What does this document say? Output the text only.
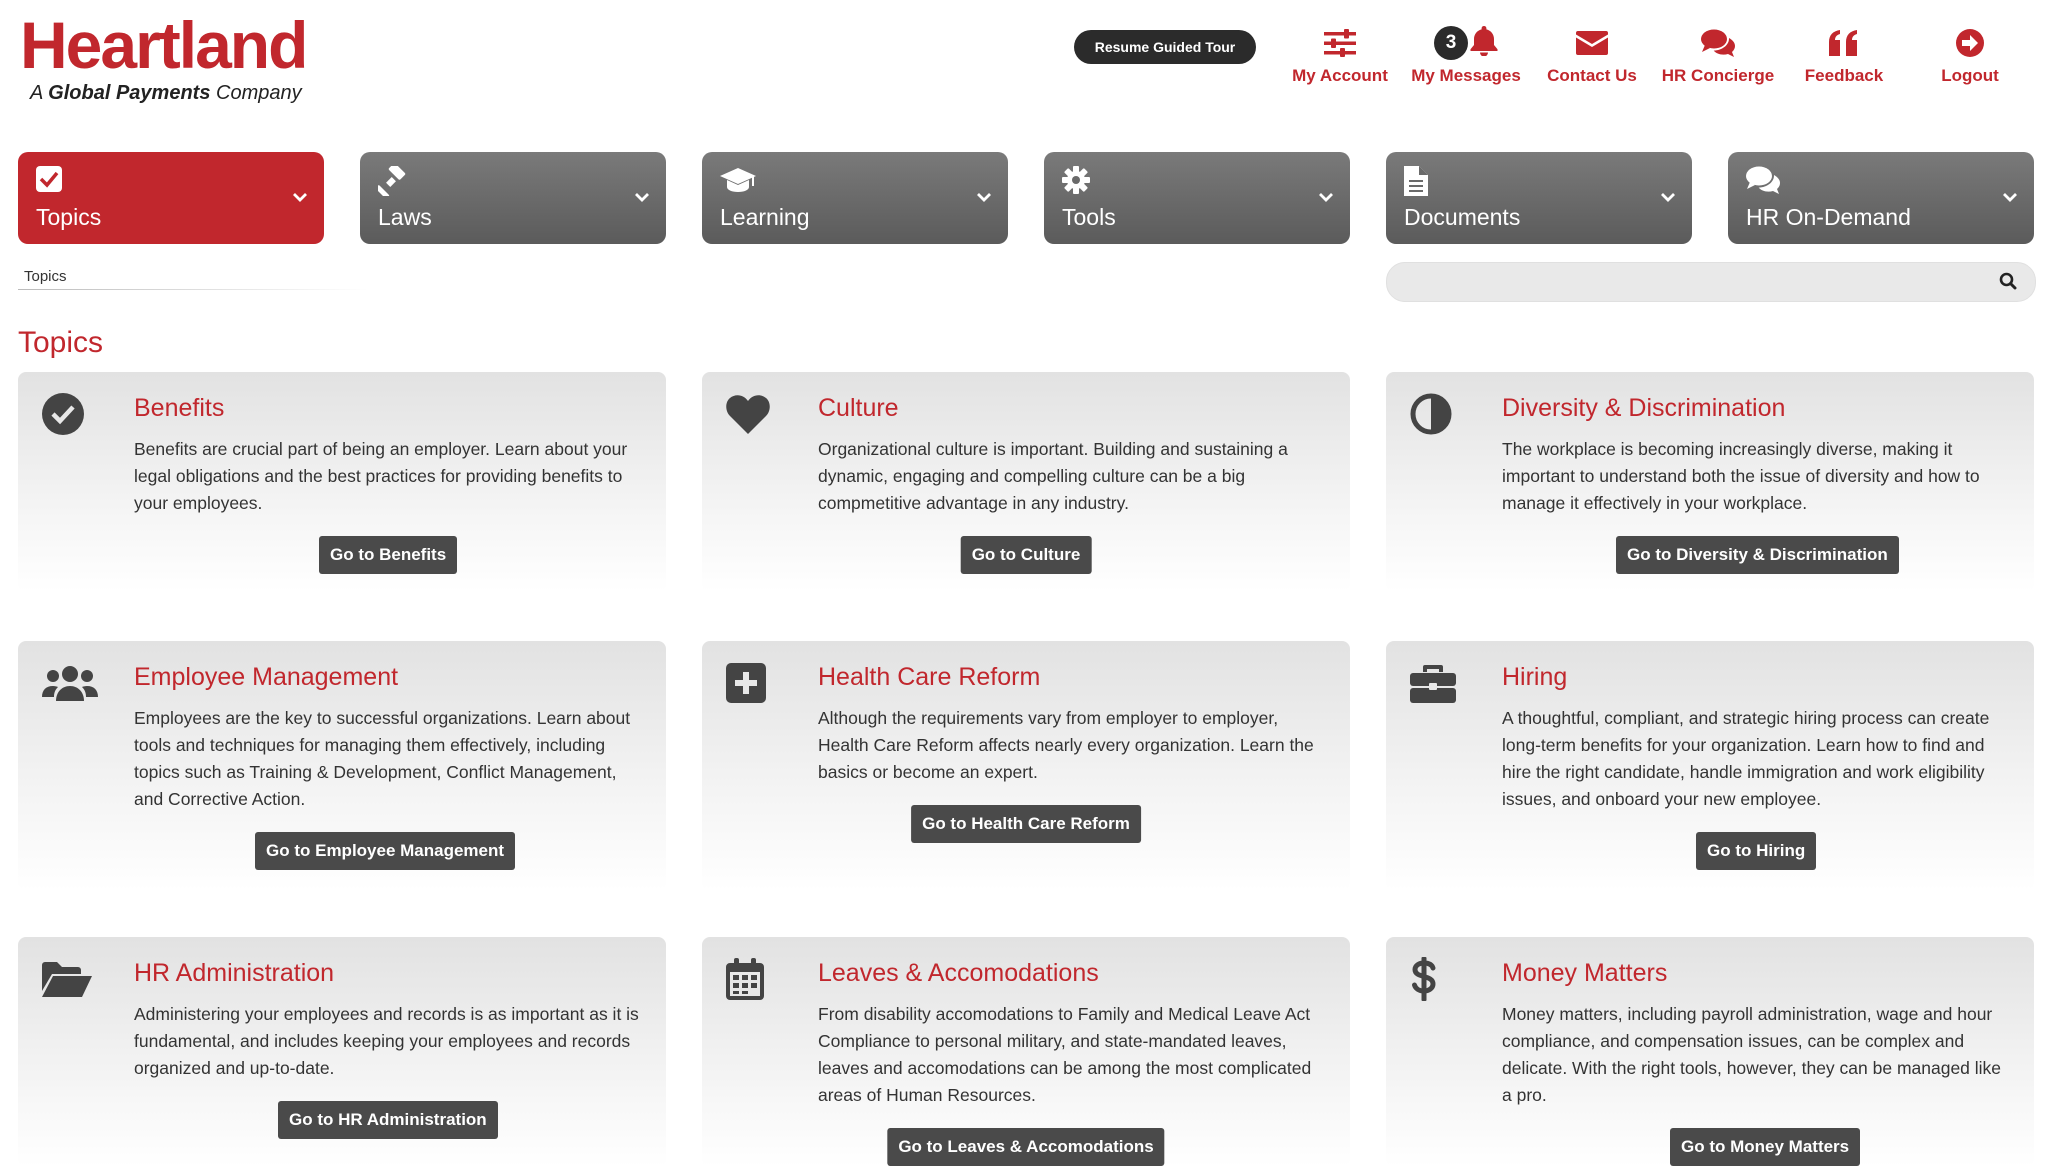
Heartland
A Global Payments Company
Resume Guided Tour
My Account
3
My Messages	Contact Us	HR Concierge	Feedback	Logout
Topics	Laws	Learning	Tools	Documents	HR On-Demand
Topics
Topics
Benefits
Benefits are crucial part of being an employer. Learn about your legal obligations and the best practices for providing benefits to your employees.
Go to Benefits
Culture
Organizational culture is important. Building and sustaining a dynamic, engaging and compelling culture can be a big compmetitive advantage in any industry.
Go to Culture
Diversity & Discrimination
The workplace is becoming increasingly diverse, making it important to understand both the issue of diversity and how to manage it effectively in your workplace.
Go to Diversity & Discrimination
Employee Management
Employees are the key to successful organizations. Learn about tools and techniques for managing them effectively, including topics such as Training & Development, Conflict Management, and Corrective Action.
Go to Employee Management
Health Care Reform
Although the requirements vary from employer to employer, Health Care Reform affects nearly every organization. Learn the basics or become an expert.
Go to Health Care Reform
Hiring
A thoughtful, compliant, and strategic hiring process can create long-term benefits for your organization. Learn how to find and hire the right candidate, handle immigration and work eligibility issues, and onboard your new employee.
Go to Hiring
HR Administration
Administering your employees and records is as important as it is fundamental, and includes keeping your employees and records organized and up-to-date.
Go to HR Administration
Leaves & Accomodations
From disability accomodations to Family and Medical Leave Act Compliance to personal military, and state-mandated leaves, leaves and accomodations can be among the most complicated areas of Human Resources.
Go to Leaves & Accomodations
Money Matters
Money matters, including payroll administration, wage and hour compliance, and compensation issues, can be complex and delicate. With the right tools, however, they can be managed like a pro.
Go to Money Matters
